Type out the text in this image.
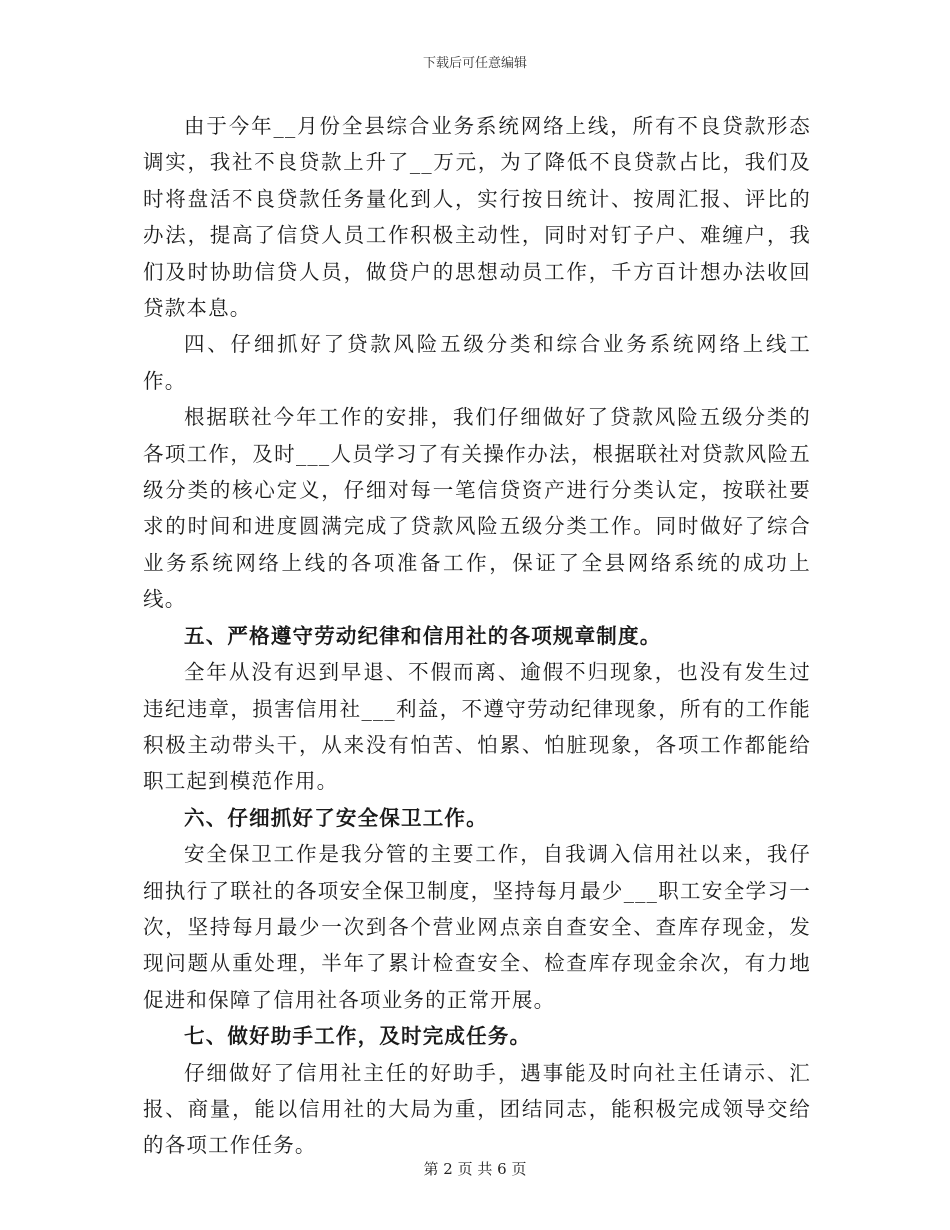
下载后可任意编辑

由于今年__月份全县综合业务系统网络上线，所有不良贷款形态调实，我社不良贷款上升了__万元，为了降低不良贷款占比，我们及时将盘活不良贷款任务量化到人，实行按日统计、按周汇报、评比的办法，提高了信贷人员工作积极主动性，同时对钉子户、难缠户，我们及时协助信贷人员，做贷户的思想动员工作，千方百计想办法收回贷款本息。

四、仔细抓好了贷款风险五级分类和综合业务系统网络上线工作。

根据联社今年工作的安排，我们仔细做好了贷款风险五级分类的各项工作，及时___人员学习了有关操作办法，根据联社对贷款风险五级分类的核心定义，仔细对每一笔信贷资产进行分类认定，按联社要求的时间和进度圆满完成了贷款风险五级分类工作。同时做好了综合业务系统网络上线的各项准备工作，保证了全县网络系统的成功上线。

五、严格遵守劳动纪律和信用社的各项规章制度。

全年从没有迟到早退、不假而离、逾假不归现象，也没有发生过违纪违章，损害信用社___利益，不遵守劳动纪律现象，所有的工作能积极主动带头干，从来没有怕苦、怕累、怕脏现象，各项工作都能给职工起到模范作用。

六、仔细抓好了安全保卫工作。

安全保卫工作是我分管的主要工作，自我调入信用社以来，我仔细执行了联社的各项安全保卫制度，坚持每月最少___职工安全学习一次，坚持每月最少一次到各个营业网点亲自查安全、查库存现金，发现问题从重处理，半年了累计检查安全、检查库存现金余次，有力地促进和保障了信用社各项业务的正常开展。

七、做好助手工作，及时完成任务。

仔细做好了信用社主任的好助手，遇事能及时向社主任请示、汇报、商量，能以信用社的大局为重，团结同志，能积极完成领导交给的各项工作任务。

第 2 页 共 6 页
